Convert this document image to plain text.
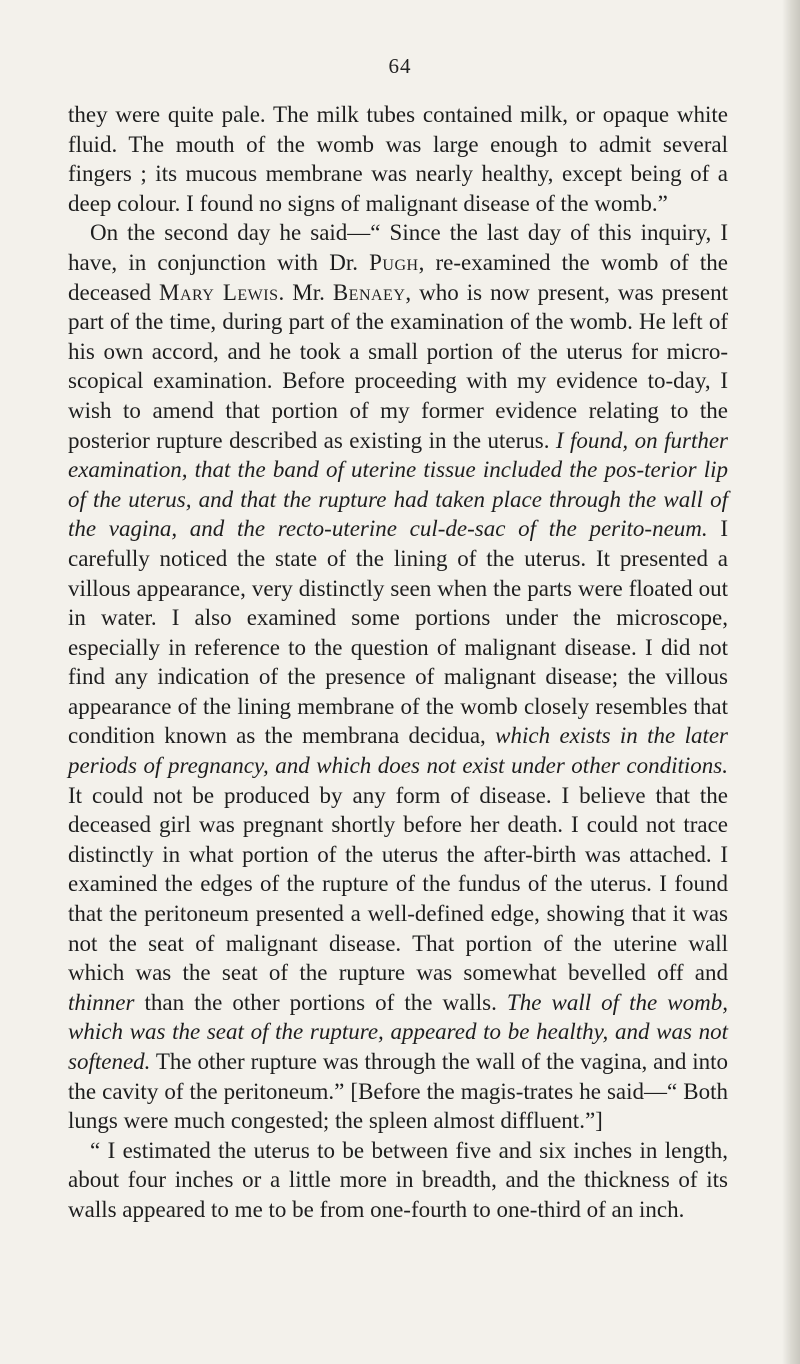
64

they were quite pale. The milk tubes contained milk, or opaque white fluid. The mouth of the womb was large enough to admit several fingers ; its mucous membrane was nearly healthy, except being of a deep colour. I found no signs of malignant disease of the womb.”

On the second day he said—“ Since the last day of this inquiry, I have, in conjunction with Dr. Pugh, re-examined the womb of the deceased Mary Lewis. Mr. Benaey, who is now present, was present part of the time, during part of the examination of the womb. He left of his own accord, and he took a small portion of the uterus for micro-scopical examination. Before proceeding with my evidence to-day, I wish to amend that portion of my former evidence relating to the posterior rupture described as existing in the uterus. I found, on further examination, that the band of uterine tissue included the pos-terior lip of the uterus, and that the rupture had taken place through the wall of the vagina, and the recto-uterine cul-de-sac of the perito-neum. I carefully noticed the state of the lining of the uterus. It presented a villous appearance, very distinctly seen when the parts were floated out in water. I also examined some portions under the microscope, especially in reference to the question of malignant disease. I did not find any indication of the presence of malignant disease; the villous appearance of the lining membrane of the womb closely resembles that condition known as the membrana decidua, which exists in the later periods of pregnancy, and which does not exist under other conditions. It could not be produced by any form of disease. I believe that the deceased girl was pregnant shortly before her death. I could not trace distinctly in what portion of the uterus the after-birth was attached. I examined the edges of the rupture of the fundus of the uterus. I found that the peritoneum presented a well-defined edge, showing that it was not the seat of malignant disease. That portion of the uterine wall which was the seat of the rupture was somewhat bevelled off and thinner than the other portions of the walls. The wall of the womb, which was the seat of the rupture, appeared to be healthy, and was not softened. The other rupture was through the wall of the vagina, and into the cavity of the peritoneum.” [Before the magis-trates he said—“ Both lungs were much congested; the spleen almost diffluent.”]

“ I estimated the uterus to be between five and six inches in length, about four inches or a little more in breadth, and the thickness of its walls appeared to me to be from one-fourth to one-third of an inch.
